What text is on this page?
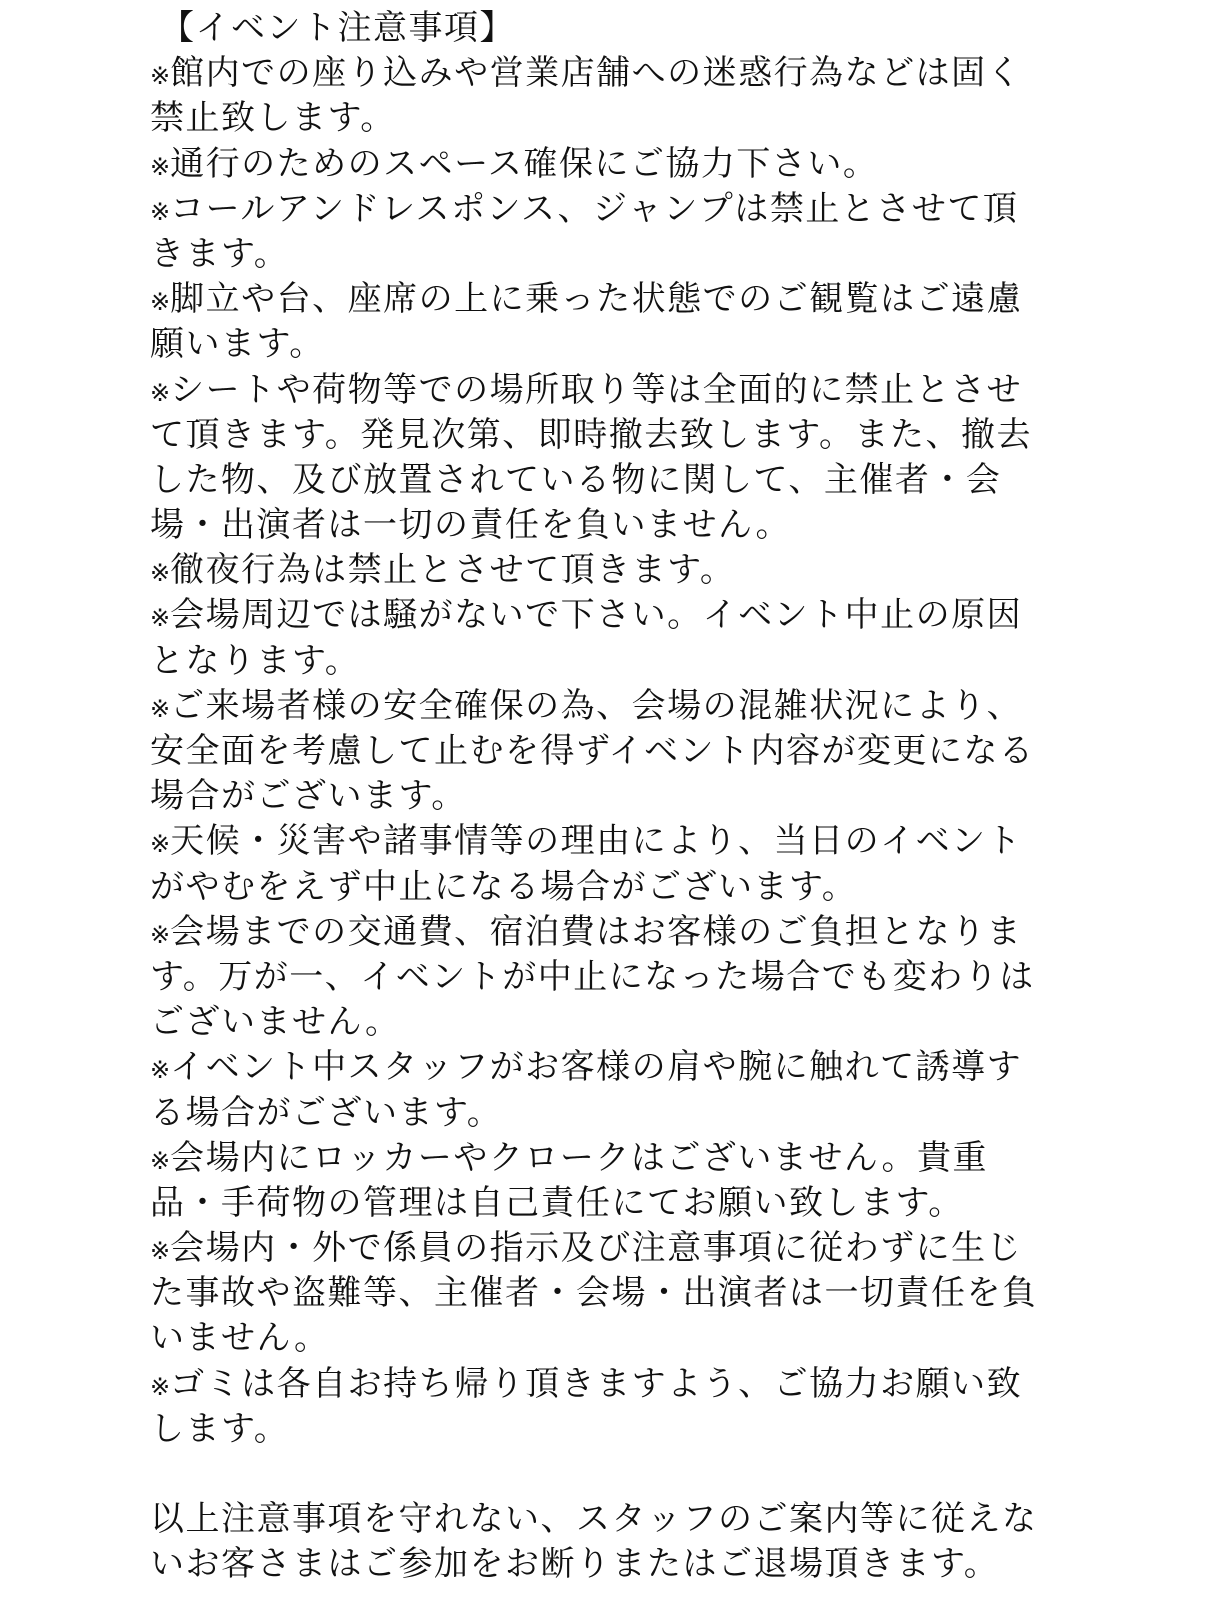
【イベント注意事項】
※館内での座り込みや営業店舗への迷惑行為などは固く
禁止致します。
※通行のためのスペース確保にご協力下さい。
※コールアンドレスポンス、ジャンプは禁止とさせて頂
きます。
※脚立や台、座席の上に乗った状態でのご観覧はご遠慮
願います。
※シートや荷物等での場所取り等は全面的に禁止とさせ
て頂きます。発見次第、即時撤去致します。また、撤去
した物、及び放置されている物に関して、主催者・会
場・出演者は一切の責任を負いません。
※徹夜行為は禁止とさせて頂きます。
※会場周辺では騒がないで下さい。イベント中止の原因
となります。
※ご来場者様の安全確保の為、会場の混雑状況により、
安全面を考慮して止むを得ずイベント内容が変更になる
場合がございます。
※天候・災害や諸事情等の理由により、当日のイベント
がやむをえず中止になる場合がございます。
※会場までの交通費、宿泊費はお客様のご負担となりま
す。万が一、イベントが中止になった場合でも変わりは
ございません。
※イベント中スタッフがお客様の肩や腕に触れて誘導す
る場合がございます。
※会場内にロッカーやクロークはございません。貴重
品・手荷物の管理は自己責任にてお願い致します。
※会場内・外で係員の指示及び注意事項に従わずに生じ
た事故や盗難等、主催者・会場・出演者は一切責任を負
いません。
※ゴミは各自お持ち帰り頂きますよう、ご協力お願い致
します。
以上注意事項を守れない、スタッフのご案内等に従えな
いお客さまはご参加をお断りまたはご退場頂きます。
